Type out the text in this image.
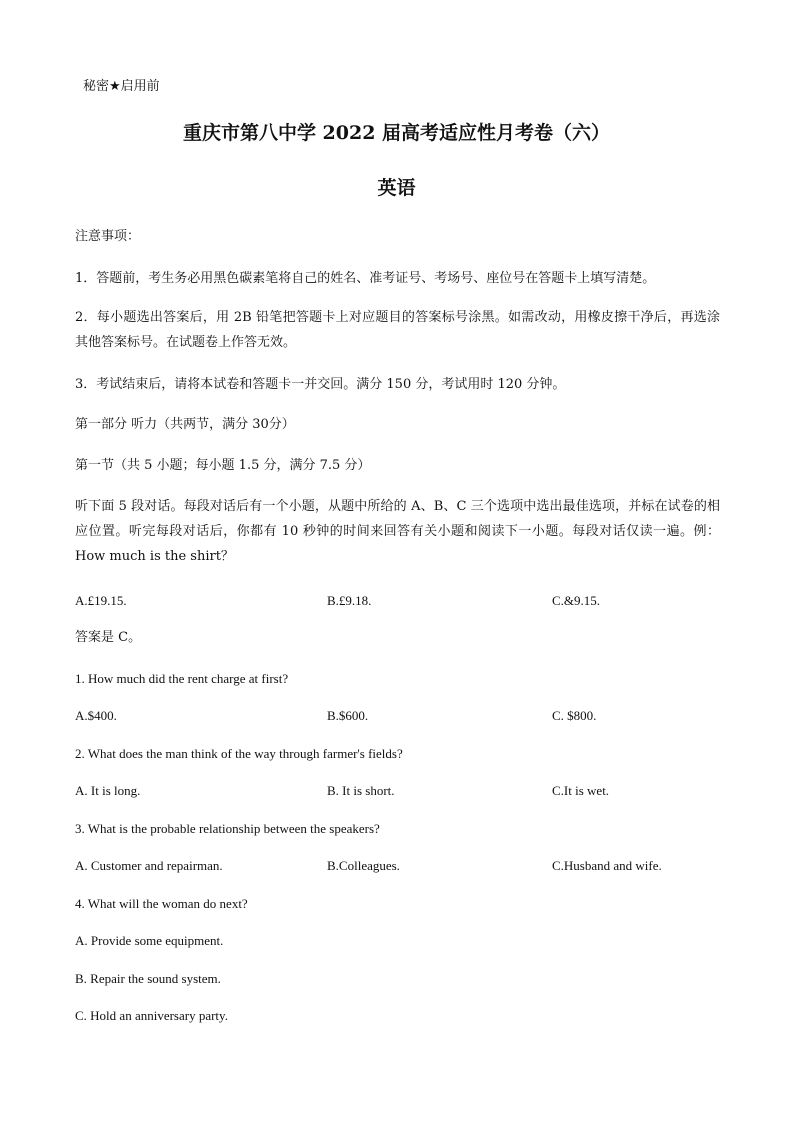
秘密★启用前
重庆市第八中学 2022 届高考适应性月考卷（六）
英语
注意事项：
1．答题前，考生务必用黑色碳素笔将自己的姓名、准考证号、考场号、座位号在答题卡上填写清楚。
2．每小题选出答案后，用 2B 铅笔把答题卡上对应题目的答案标号涂黑。如需改动，用橡皮擦干净后，再选涂其他答案标号。在试题卷上作答无效。
3．考试结束后，请将本试卷和答题卡一并交回。满分 150 分，考试用时 120 分钟。
第一部分 听力（共两节，满分 30分）
第一节（共 5 小题；每小题 1.5 分，满分 7.5 分）
听下面 5 段对话。每段对话后有一个小题，从题中所给的 A、B、C 三个选项中选出最佳选项，并标在试卷的相应位置。听完每段对话后，你都有 10 秒钟的时间来回答有关小题和阅读下一小题。每段对话仅读一遍。例：How much is the shirt？
A.£19.15.	B.£9.18.	C.&9.15.
答案是 C。
1. How much did the rent charge at first?
A.$400.	B.$600.	C. $800.
2. What does the man think of the way through farmer's fields?
A. It is long.	B. It is short.	C.It is wet.
3. What is the probable relationship between the speakers?
A. Customer and repairman.	B.Colleagues.	C.Husband and wife.
4. What will the woman do next?
A. Provide some equipment.
B. Repair the sound system.
C. Hold an anniversary party.
